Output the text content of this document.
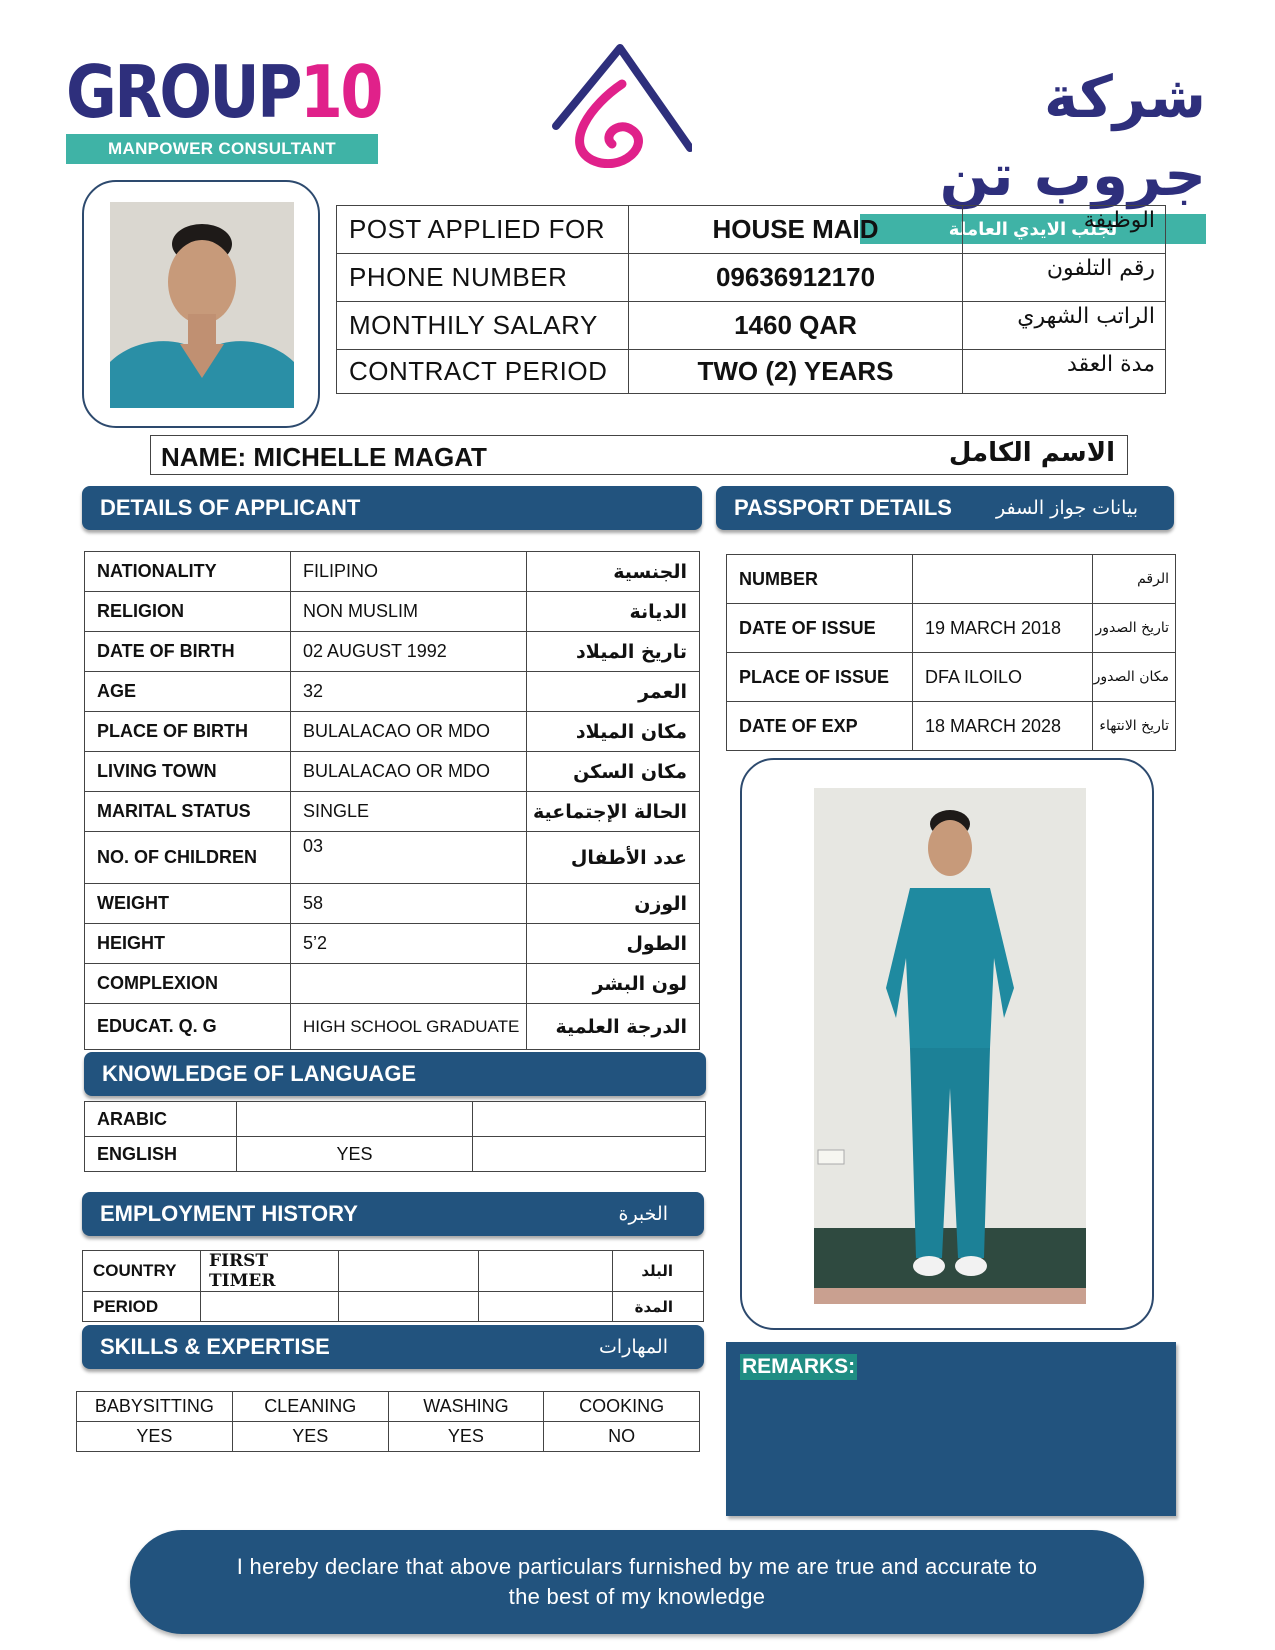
GROUP10
MANPOWER CONSULTANT
شركة جروب تن
لجلب الايدي العاملة
POST APPLIED FOR	HOUSE MAID	الوظيفة
PHONE NUMBER	09636912170	رقم التلفون
MONTHILY SALARY	1460 QAR	الراتب الشهري
CONTRACT PERIOD	TWO (2) YEARS	مدة العقد
NAME: MICHELLE MAGAT	الاسم الكامل
DETAILS OF APPLICANT	PASSPORT DETAILS بيانات جواز السفر
NATIONALITY	FILIPINO	الجنسية
RELIGION	NON MUSLIM	الديانة
DATE OF BIRTH	02 AUGUST 1992	تاريخ الميلاد
AGE	32	العمر
PLACE OF BIRTH	BULALACAO OR MDO	مكان الميلاد
LIVING TOWN	BULALACAO OR MDO	مكان السكن
MARITAL STATUS	SINGLE	الحالة الإجتماعية
NO. OF CHILDREN	03	عدد الأطفال
WEIGHT	58	الوزن
HEIGHT	5’2	الطول
COMPLEXION		لون البشر
EDUCAT. Q. G	HIGH SCHOOL GRADUATE	الدرجة العلمية
NUMBER		الرقم
DATE OF ISSUE	19 MARCH 2018	تاريخ الصدور
PLACE OF ISSUE	DFA ILOILO	مكان الصدور
DATE OF EXP	18 MARCH 2028	تاريخ الانتهاء
KNOWLEDGE OF LANGUAGE
ARABIC		
ENGLISH	YES	
EMPLOYMENT HISTORY	الخبرة
COUNTRY	FIRST TIMER			البلد
PERIOD				المدة
SKILLS & EXPERTISE	المهارات
BABYSITTING	CLEANING	WASHING	COOKING
YES	YES	YES	NO
REMARKS:
I hereby declare that above particulars furnished by me are true and accurate to the best of my knowledge
